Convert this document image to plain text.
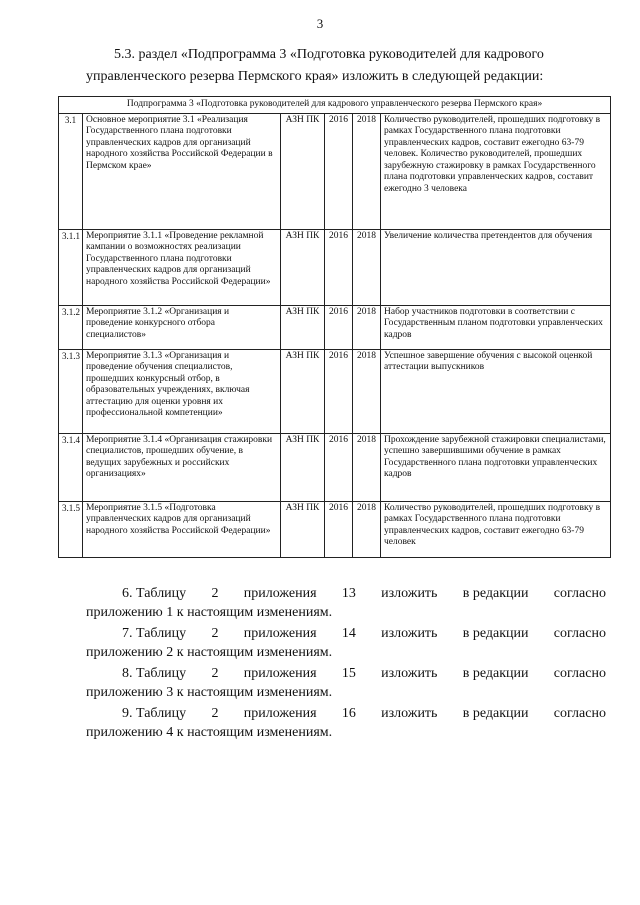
3
5.3. раздел «Подпрограмма 3 «Подготовка руководителей для кадрового
управленческого резерва Пермского края» изложить в следующей редакции:
Подпрограмма 3 «Подготовка руководителей для кадрового управленческого резерва Пермского края»					
3.1	Основное мероприятие 3.1 «Реализация Государственного плана подготовки управленческих кадров для организаций народного хозяйства Российской Федерации в Пермском крае»	АЗН ПК	2016	2018	Количество руководителей, прошедших подготовку в рамках Государственного плана подготовки управленческих кадров, составит ежегодно 63-79 человек. Количество руководителей, прошедших зарубежную стажировку в рамках Государственного плана подготовки управленческих кадров, составит ежегодно 3 человека
3.1.1	Мероприятие 3.1.1 «Проведение рекламной кампании о возможностях реализации Государственного плана подготовки управленческих кадров для организаций народного хозяйства Российской Федерации»	АЗН ПК	2016	2018	Увеличение количества претендентов для обучения
3.1.2	Мероприятие 3.1.2 «Организация и проведение конкурсного отбора специалистов»	АЗН ПК	2016	2018	Набор участников подготовки в соответствии с Государственным планом подготовки управленческих кадров
3.1.3	Мероприятие 3.1.3 «Организация и проведение обучения специалистов, прошедших конкурсный отбор, в образовательных учреждениях, включая аттестацию для оценки уровня их профессиональной компетенции»	АЗН ПК	2016	2018	Успешное завершение обучения с высокой оценкой аттестации выпускников
3.1.4	Мероприятие 3.1.4 «Организация стажировки специалистов, прошедших обучение, в ведущих зарубежных и российских организациях»	АЗН ПК	2016	2018	Прохождение зарубежной стажировки специалистами, успешно завершившими обучение в рамках Государственного плана подготовки управленческих кадров
3.1.5	Мероприятие 3.1.5 «Подготовка управленческих кадров для организаций народного хозяйства Российской Федерации»	АЗН ПК	2016	2018	Количество руководителей, прошедших подготовку в рамках Государственного плана подготовки управленческих кадров, составит ежегодно 63-79 человек
6. Таблицу 2 приложения 13 изложить в редакции согласно
приложению 1 к настоящим изменениям.
7. Таблицу 2 приложения 14 изложить в редакции согласно
приложению 2 к настоящим изменениям.
8. Таблицу 2 приложения 15 изложить в редакции согласно
приложению 3 к настоящим изменениям.
9. Таблицу 2 приложения 16 изложить в редакции согласно
приложению 4 к настоящим изменениям.
